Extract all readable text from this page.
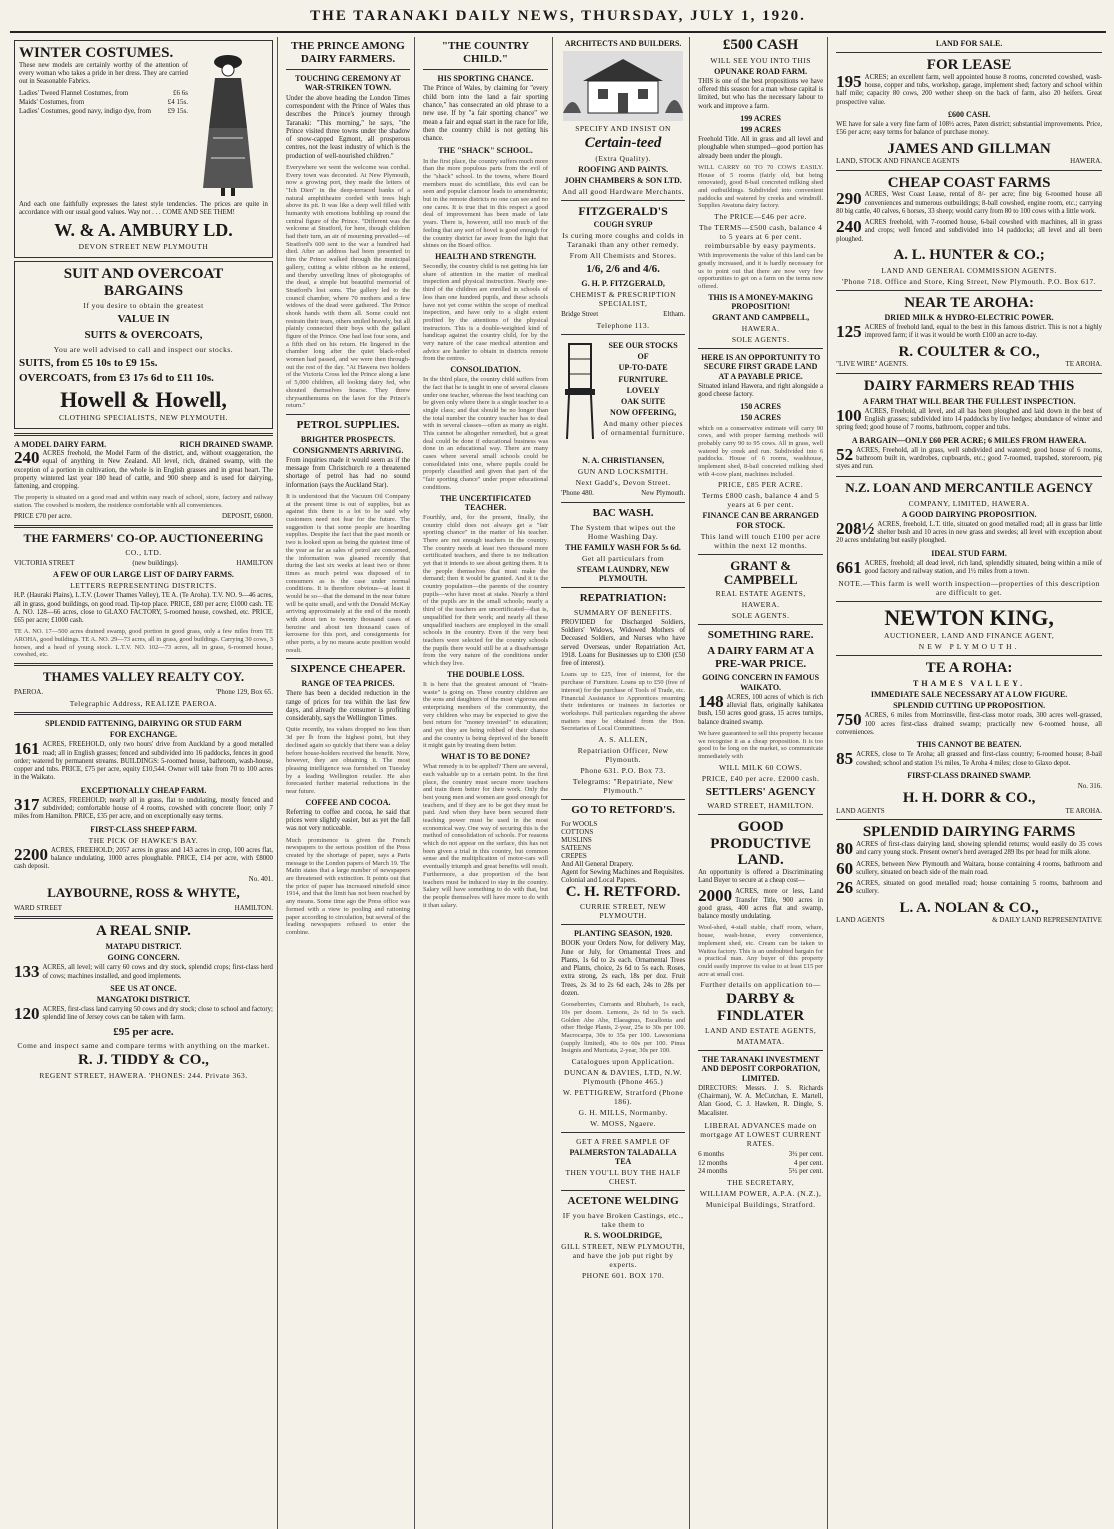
THE TARANAKI DAILY NEWS, THURSDAY, JULY 1, 1920.
WINTER COSTUMES.

These new models are certainly worthy of the attention of every woman who takes a pride in her dress. They are carried out in Seasonable Fabrics.

Ladies' Tweed Flannel Costumes, from	£6 6s
Maids' Costumes, from	£4 15s.
Ladies' Costumes, good navy, indigo dye, from £9 15s.

And each one faithfully expresses the latest style tendencies. The prices are quite in accordance with our usual good values. Way not . . . COME AND SEE THEM!

W. & A. AMBURY LD.
DEVON STREET NEW PLYMOUTH
SUIT AND OVERCOAT
BARGAINS
If you desire to obtain the greatest
VALUE IN
SUITS & OVERCOATS,
You are well advised to call and inspect our stocks.
SUITS, from £5 10s to £9 15s.
OVERCOATS, from £3 17s 6d to £11 10s.
Howell & Howell,
CLOTHING SPECIALISTS, NEW PLYMOUTH.
A MODEL DAIRY FARM.	RICH DRAINED SWAMP.

240 ACRES freehold, the Model Farm of the district, and, without exaggeration, the equal of anything in New Zealand. All level, rich, drained swamp, with the exception of a portion in cultivation, the whole is in English grasses and in great heart. The property wintered last year 180 head of cattle, and 900 sheep and is used for dairying, fattening, and cropping.

The property is situated on a good road and within easy reach of school, store, factory and railway station. The cowshed is modern, the residence comfortable with all conveniences.

PRICE £70 per acre.	DEPOSIT, £6000.
THE FARMERS' CO-OP. AUCTIONEERING
CO., LTD.
VICTORIA STREET	(new buildings).	HAMILTON
A FEW OF OUR LARGE LIST OF DAIRY FARMS.
LETTERS REPRESENTING DISTRICTS.

H.P. (Hauraki Plains), L.T.V. (Lower Thames Valley), TE A. (Te Aroha). T.V. NO. 9—46 acres, all in grass, good buildings, on good road. Tip-top place. PRICE, £80 per acre; £1000 cash. TE A. NO. 128—66 acres, close to GLAXO FACTORY, 5-roomed house, cowshed, etc. PRICE, £65 per acre; £1000 cash.

TE A. NO. 17—500 acres drained swamp, good portion in good grass, only a few miles from TE AROHA, good buildings. TE A. NO. 29—73 acres, all in grass, good buildings. Carrying 30 cows, 3 horses, and a head of young stock. L.T.V. NO. 102—73 acres, all in grass, 6-roomed house, cowshed, etc.

THAMES VALLEY REALTY COY.
PAEROA.	'Phone 129, Box 65.
Telegraphic Address, REALIZE PAEROA.
SPLENDID FATTENING, DAIRYING OR STUD FARM
FOR EXCHANGE.

161 ACRES, FREEHOLD, only two hours' drive from Auckland by a good metalled road; all in English grasses; fenced and subdivided into 16 paddocks, fences in good order; watered by permanent streams. BUILDINGS: 5-roomed house, bathroom, wash-house, copper and tubs. PRICE, £75 per acre, equity £10,544. Owner will take from 70 to 100 acres in the Waikato.

EXCEPTIONALLY CHEAP FARM.

317 ACRES, FREEHOLD; nearly all in grass, flat to undulating, mostly fenced and subdivided; comfortable house of 4 rooms, cowshed with concrete floor; only 7 miles from Hamilton. PRICE, £35 per acre, and on exceptionally easy terms.

FIRST-CLASS SHEEP FARM.
THE PICK OF HAWKE'S BAY.

2200 ACRES, FREEHOLD; 2057 acres in grass and 143 acres in crop, 100 acres flat, balance undulating, 1000 acres ploughable. PRICE, £14 per acre, with £8000 cash deposit.

No. 401.
LAYBOURNE, ROSS & WHYTE,
WARD STREET	HAMILTON.
A REAL SNIP.
MATAPU DISTRICT.
GOING CONCERN.

133 ACRES, all level; will carry 60 cows and dry stock, splendid crops; first-class herd of cows; machines installed, and good implements.

SEE US AT ONCE.
MANGATOKI DISTRICT.

120 ACRES, first-class land carrying 50 cows and dry stock; close to school and factory; splendid line of Jersey cows can be taken with farm.

£95 per acre.
Come and inspect same and compare terms with anything on the market.
R. J. TIDDY & CO.,
REGENT STREET, HAWERA. 'PHONES: 244. Private 363.
THE PRINCE AMONG DAIRY FARMERS.
TOUCHING CEREMONY AT WAR-STRIKEN TOWN.

Under the above heading the London Times correspondent with the Prince of Wales thus describes the Prince's journey through Taranaki: "This morning," he says, "the Prince visited three towns under the shadow of snow-capped Egmont, all prosperous centres, not the least industry of which is the production of well-nourished children."

Everywhere we went the welcome was cordial. Every town was decorated. At New Plymouth, now a growing port, they made the letters of "Ich Dien" in the deep-terraced banks of a natural amphitheatre corded with trees high above its pit. It was like a deep well filled with humanity with emotions bubbling up round the central figure of the Prince. "Different was the welcome at Stratford, for here, though children had their turn, an air of mourning prevailed—of Stratford's 600 sent to the war a hundred had died. After an address had been presented to him the Prince walked through the municipal gallery, cutting a white ribbon as he entered, and thereby unveiling lines of photographs of the dead, a simple but beautiful memorial of Stratford's lost sons. The gallery led to the council chamber, where 70 mothers and a few widows of the dead were gathered. The Prince shook hands with them all. Some could not restrain their tears, others smiled bravely, but all plainly connected their boys with the gallant figure of the Prince. One had lost four sons, and a fifth died on his return. He lingered in the chamber long after the quiet black-robed women had passed, and we were then through-out the rest of the day. "At Hawera two holders of the Victoria Cross led the Prince along a lane of 5,000 children, all looking dairy fed, who shouted themselves hoarse. They threw chrysanthemums on the lawn for the Prince's return."

PETROL SUPPLIES.
BRIGHTER PROSPECTS.
CONSIGNMENTS ARRIVING.

From inquiries made it would seem as if the message from Christchurch re a threatened shortage of petrol has had no sound information (says the Auckland Star).

It is understood that the Vacuum Oil Company at the present time is out of supplies, but as against this there is a lot to be said why customers need not fear for the future. The suggestion is that some people are hoarding supplies. Despite the fact that the past month or two is looked upon as being the quietest time of the year as far as sales of petrol are concerned, the information was gleaned recently that during the last six weeks at least two or three times as much petrol was disposed of to consumers as is the case under normal conditions. It is therefore obvious—at least it would be so—that the demand in the near future will be quite small, and with the Donald McKay arriving approximately at the end of the month with about ten to twenty thousand cases of benzine and about ten thousand cases of kerosene for this port, and consignments for other ports, a by no means acute position would result.

SIXPENCE CHEAPER.
RANGE OF TEA PRICES.

There has been a decided reduction in the range of prices for tea within the last few days, and already the consumer is profiting considerably, says the Wellington Times.

Quite recently, tea values dropped no less than 3d per lb from the highest point, but they declined again so quickly that there was a delay before house-holders received the benefit. Now, however, they are obtaining it. The most pleasing intelligence was furnished on Tuesday by a leading Wellington retailer. He also forecasted further material reductions in the near future.

COFFEE AND COCOA.

Referring to coffee and cocoa, he said that prices were slightly easier, but as yet the fall was not very noticeable.

Much prominence is given the French newspapers to the serious position of the Press created by the shortage of paper, says a Paris message to the London papers of March 19. The Matin states that a large number of newspapers are threatened with extinction. It points out that the price of paper has increased ninefold since 1914, and that the limit has not been reached by any means. Some time ago the Press office was formed with a view to pooling and rationing paper according to circulation, but several of the leading newspapers refused to enter the combine.

"THE COUNTRY CHILD."
HIS SPORTING CHANCE.

The Prince of Wales, by claiming for "every child born into the land a fair sporting chance," has consecrated an old phrase to a new use. If by "a fair sporting chance" we mean a fair and equal start in the race for life, then the country child is not getting his chance.

THE "SHACK" SCHOOL.

In the first place, the country suffers much more than the more populous parts from the evil of the "shack" school. In the towns, where Board members must do scintillate, this evil can be seen and popular clamour leads to amendments; but in the remote districts no one can see and no one cares. It is true that in this respect a good deal of improvement has been made of late years. There is, however, still too much of the feeling that any sort of hovel is good enough for the country district far away from the light that shines on the Board office.

HEALTH AND STRENGTH.

Secondly, the country child is not getting his fair share of attention in the matter of medical inspection and physical instruction. Nearly one-third of the children are enrolled in schools of less than one hundred pupils, and these schools have not yet come within the scope of medical inspection, and have only to a slight extent profited by the attentions of the physical instructors. This is a double-weighted kind of handicap against the country child, for by the very nature of the case medical attention and advice are harder to obtain in districts remote from the centres.

CONSOLIDATION.

In the third place, the country child suffers from the fact that he is taught in one of several classes under one teacher, whereas the best teaching can be given only where there is a single teacher to a single class; and that should be no longer than the total number the country teacher has to deal with in several classes—often as many as eight. This cannot be altogether remedied, but a great deal could be done if educational business was done in an educational way. There are many cases where several small schools could be consolidated into one, where pupils could be properly classified and given that part of the "fair sporting chance" under proper educational conditions.

THE UNCERTIFICATED TEACHER.

Fourthly, and, for the present, finally, the country child does not always get a "fair sporting chance" in the matter of his teacher. There are not enough teachers in the country. The country needs at least two thousand more certificated teachers, and there is no indication yet that it intends to see about getting them. It is the people themselves that must make the demand; then it would be granted. And it is the country population—the parents of the country pupils—who have most at stake. Nearly a third of the pupils are in the small schools; nearly a third of the teachers are uncertificated—that is, unqualified for their work; and nearly all these unqualified teachers are employed in the small schools in the country. Even if the very best teachers were selected for the country schools the pupils there would still be at a disadvantage from the very nature of the conditions under which they live.

THE DOUBLE LOSS.

It is here that the greatest amount of "brain-waste" is going on. These country children are the sons and daughters of the most vigorous and enterprising members of the community, the very children who may be expected to give the best return for "money invested" in education; and yet they are being robbed of their chance and the country is being deprived of the benefit it might gain by treating them better.

WHAT IS TO BE DONE?

What remedy is to be applied? There are several, each valuable up to a certain point. In the first place, the country must secure more teachers and train them better for their work. Only the best young men and women are good enough for teachers, and if they are to be got they must be paid. And when they have been secured their teaching power must be used in the most economical way. One way of securing this is the method of consolidation of schools. For reasons which do not appear on the surface, this has not been given a trial in this country, but common sense and the multiplication of motor-cars will eventually triumph and great benefits will result. Furthermore, a due proportion of the best teachers must be induced to stay in the country. Salary will have something to do with that, but the people themselves will have more to do with it than salary.

ARCHITECTS AND BUILDERS.
SPECIFY AND INSIST ON
Certain-teed
(Extra Quality).
ROOFING AND PAINTS.
JOHN CHAMBERS & SON LTD.
And all good Hardware Merchants.
FITZGERALD'S
COUGH SYRUP
Is curing more coughs and colds in Taranaki than any other remedy.
From All Chemists and Stores.
1/6, 2/6 and 4/6.
G. H. P. FITZGERALD,
CHEMIST & PRESCRIPTION SPECIALIST,
Bridge Street	Eltham.
Telephone 113.
SEE OUR STOCKS
OF
UP-TO-DATE
FURNITURE.
LOVELY
OAK SUITE
NOW OFFERING,
And many other pieces of ornamental furniture.
N. A. CHRISTIANSEN,
GUN AND LOCKSMITH.
Next Gadd's, Devon Street.
'Phone 480.	New Plymouth.
BAC WASH.
The System that wipes out the Home Washing Day.
THE FAMILY WASH FOR 5s 6d.
Get all particulars from
STEAM LAUNDRY, NEW PLYMOUTH.
REPATRIATION:
SUMMARY OF BENEFITS.

PROVIDED for Discharged Soldiers, Soldiers' Widows, Widowed Mothers of Deceased Soldiers, and Nurses who have served Overseas, under Repatriation Act, 1918. Loans for Businesses up to £300 (£50 free of interest).

Loans up to £25, free of interest, for the purchase of Furniture. Loans up to £50 (free of interest) for the purchase of Tools of Trade, etc. Financial Assistance to Apprentices resuming their indentures or trainees in factories or workshops. Full particulars regarding the above matters may be obtained from the Hon. Secretaries of Local Committees.

A. S. ALLEN,
Repatriation Officer, New Plymouth.
Phone 631. P.O. Box 73.
Telegrams: "Repatriate, New Plymouth."
GO TO RETFORD'S.
For WOOLS
COTTONS
MUSLINS
SATEENS
CREPES
And All General Drapery.
Agent for Sewing Machines and Requisites.
Colonial and Local Papers.
C. H. RETFORD.
CURRIE STREET, NEW PLYMOUTH.
PLANTING SEASON, 1920.

BOOK your Orders Now, for delivery May, June or July, for Ornamental Trees and Plants, 1s 6d to 2s each. Ornamental Trees and Plants, choice, 2s 6d to 5s each. Roses, extra strong, 2s each, 18s per doz. Fruit Trees, 2s 3d to 2s 6d each, 24s to 28s per dozen.

Gooseberries, Currants and Rhubarb, 1s each, 10s per dozen. Lemons, 2s 6d to 5s each. Golden Abe Abe, Elaeagnus, Escallonia and other Hedge Plants, 2-year, 25s to 30s per 100. Macrocarpa, 30s to 35s per 100. Lawsoniana (supply limited), 40s to 60s per 100. Pinus Insignis and Muricata, 2-year, 30s per 100.

Catalogues upon Application.
DUNCAN & DAVIES, LTD, N.W. Plymouth (Phone 465.)
W. PETTIGREW, Stratford (Phone 186).
G. H. MILLS, Normanby.
W. MOSS, Ngaere.
GET A FREE SAMPLE OF
PALMERSTON TALADALLA TEA
THEN YOU'LL BUY THE HALF CHEST.
ACETONE WELDING
IF you have Broken Castings, etc., take them to
R. S. WOOLDRIDGE,
GILL STREET, NEW PLYMOUTH, and have the job put right by experts.
PHONE 601. BOX 170.
£500 CASH
WILL SEE YOU INTO THIS
OPUNAKE ROAD FARM.

THIS is one of the best propositions we have offered this season for a man whose capital is limited, but who has the necessary labour to work and improve a farm.

199 ACRES
199 ACRES

Freehold Title. All in grass and all level and ploughable when stumped—good portion has already been under the plough.

WILL CARRY 60 TO 70 COWS EASILY. House of 5 rooms (fairly old, but being renovated), good 8-bail concreted milking shed and outbuildings. Subdivided into convenient paddocks and watered by creeks and windmill. Supplies Awatuna dairy factory.

The PRICE—£46 per acre.
The TERMS—£500 cash, balance 4 to 5 years at 6 per cent. reimbursable by easy payments.

With improvements the value of this land can be greatly increased, and it is hardly necessary for us to point out that there are now very few opportunities to get on a farm on the terms now offered.

THIS IS A MONEY-MAKING PROPOSITION!
GRANT AND CAMPBELL,
HAWERA.
SOLE AGENTS.
HERE IS AN OPPORTUNITY TO SECURE FIRST GRADE LAND AT A PAYABLE PRICE.

Situated inland Hawera, and right alongside a good cheese factory.

150 ACRES
150 ACRES

which on a conservative estimate will carry 90 cows, and with proper farming methods will probably carry 90 to 95 cows. All in grass, well watered by creek and run. Subdivided into 6 paddocks. House of 6 rooms, washhouse, implement shed, 8-bail concreted milking shed with 4-cow plant, machines included.

PRICE, £85 PER ACRE.
Terms £800 cash, balance 4 and 5 years at 6 per cent.
FINANCE CAN BE ARRANGED FOR STOCK.
This land will touch £100 per acre within the next 12 months.
GRANT & CAMPBELL
REAL ESTATE AGENTS,
HAWERA.
SOLE AGENTS.
SOMETHING RARE.
A DAIRY FARM AT A PRE-WAR PRICE.
GOING CONCERN IN FAMOUS WAIKATO.

148 ACRES, 100 acres of which is rich alluvial flats, originally kahikatea bush, 150 acres good grass, 15 acres turnips, balance drained swamp.

We have guaranteed to sell this property because we recognise it as a cheap proposition. It is too good to be long on the market, so communicate immediately with

WILL MILK 60 COWS.
PRICE, £40 per acre. £2000 cash.
SETTLERS' AGENCY
WARD STREET, HAMILTON.
GOOD PRODUCTIVE LAND.

An opportunity is offered a Discriminating Land Buyer to secure at a cheap cost—

2000 ACRES, more or less, Land Transfer Title, 900 acres in good grass, 400 acres flat and swamp, balance mostly undulating.

Wool-shed, 4-stall stable, chaff room, whare, house, wash-house, every convenience, implement shed, etc. Cream can be taken to Waitoa factory. This is an undoubted bargain for a practical man. Any buyer of this property could easily improve its value to at least £15 per acre at small cost.

Further details on application to—
DARBY &
FINDLATER
LAND AND ESTATE AGENTS,
MATAMATA.
THE TARANAKI INVESTMENT AND DEPOSIT CORPORATION, LIMITED.

DIRECTORS: Messrs. J. S. Richards (Chairman), W. A. McCutchan, E. Martell, Alan Good, C. J. Hawken, R. Dingle, S. Macalister.

LIBERAL ADVANCES made on mortgage AT LOWEST CURRENT RATES.
6 months	3½ per cent.
12 months	4 per cent.
24 months	5½ per cent.
THE SECRETARY,
WILLIAM POWER, A.P.A. (N.Z.),
Municipal Buildings, Stratford.
LAND FOR SALE.
FOR LEASE

195 ACRES; an excellent farm, well appointed house 8 rooms, concreted cowshed, wash-house, copper and tubs, workshop, garage, implement shed; factory and school within half mile; capacity 80 cows, 200 wether sheep on the back of farm, also 20 heifers. Great prospective value.

£600 CASH.

WE have for sale a very fine farm of 108½ acres, Paten district; substantial improvements. Price, £56 per acre; easy terms for balance of purchase money.

JAMES AND GILLMAN
LAND, STOCK AND FINANCE AGENTS	HAWERA.
CHEAP COAST FARMS

290 ACRES, West Coast Lease, rental of 8/- per acre; fine big 6-roomed house all conveniences and numerous outbuildings; 8-ball cowshed, engine room, etc.; carrying 80 big cattle, 40 calves, 6 horses, 33 sheep; would carry from 80 to 100 cows with a little work.

240 ACRES freehold, with 7-roomed house, 6-bail cowshed with machines, all in grass and crops; well fenced and subdivided into 14 paddocks; all level and all been ploughed.

A. L. HUNTER & CO.;
LAND AND GENERAL COMMISSION AGENTS.
'Phone 718. Office and Store, King Street, New Plymouth. P.O. Box 617.
NEAR TE AROHA:
DRIED MILK & HYDRO-ELECTRIC POWER.

125 ACRES of freehold land, equal to the best in this famous district. This is not a highly improved farm; if it was it would be worth £100 an acre to-day.

R. COULTER & CO.,
"LIVE WIRE" AGENTS.	TE AROHA.
DAIRY FARMERS READ THIS
A FARM THAT WILL BEAR THE FULLEST INSPECTION.

100 ACRES, Freehold, all level, and all has been ploughed and laid down in the best of English grasses; subdivided into 14 paddocks by live hedges; abundance of winter and spring feed; good house of 7 rooms, bathroom, copper and tubs.

A BARGAIN—ONLY £60 PER ACRE; 6 MILES FROM HAWERA.

52 ACRES, Freehold, all in grass, well subdivided and watered; good house of 6 rooms, bathroom built in, wardrobes, cupboards, etc.; good 7-roomed, trapshed, storeroom, pig styes and run.

N.Z. LOAN AND MERCANTILE AGENCY
COMPANY, LIMITED, HAWERA.
A GOOD DAIRYING PROPOSITION.

208½ ACRES, freehold, L.T. title, situated on good metalled road; all in grass bar little shelter bush and 10 acres in new grass and swedes; all level with exception about 20 acres undulating but easily ploughed.

IDEAL STUD FARM.

661 ACRES, freehold; all dead level, rich land, splendidly situated, being within a mile of good factory and railway station, and 1½ miles from a town.

NOTE.—This farm is well worth inspection—properties of this description are difficult to get.
NEWTON KING,
AUCTIONEER, LAND AND FINANCE AGENT,
NEW PLYMOUTH.
TE A ROHA:
THAMES VALLEY.
IMMEDIATE SALE NECESSARY AT A LOW FIGURE.
SPLENDID CUTTING UP PROPOSITION.

750 ACRES, 6 miles from Morrinsville, first-class motor roads, 300 acres well-grassed, 100 acres first-class drained swamp; practically new 6-roomed house, all conveniences.

THIS CANNOT BE BEATEN.

85 ACRES, close to Te Aroha; all grassed and first-class country; 6-roomed house; 8-bail cowshed; school and station 1¼ miles, Te Aroha 4 miles; close to Glaxo depot.

FIRST-CLASS DRAINED SWAMP.
No. 316.
H. H. DORR & CO.,
LAND AGENTS	TE AROHA.
SPLENDID DAIRYING FARMS

80 ACRES of first-class dairying land, showing splendid returns; would easily do 35 cows and carry young stock. Present owner's herd averaged 289 lbs per head for milk alone.

60 ACRES, between New Plymouth and Waitara, house containing 4 rooms, bathroom and scullery, situated on beach side of the main road.

26 ACRES, situated on good metalled road; house containing 5 rooms, bathroom and scullery.

L. A. NOLAN & CO.,
LAND AGENTS	& DAILY LAND REPRESENTATIVE
